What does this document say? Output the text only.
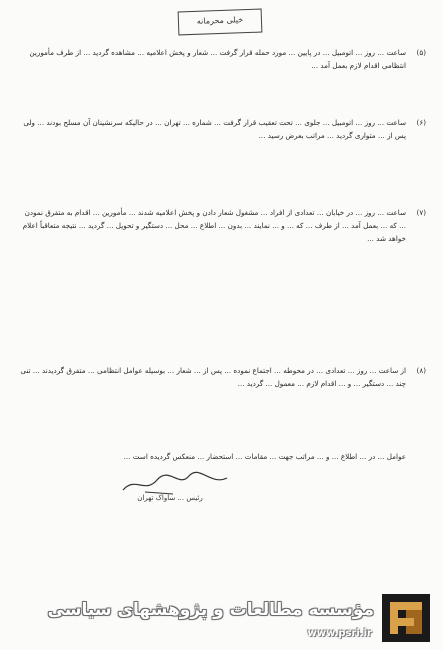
خیلی محرمانه
(۵)
ساعت ... روز ... اتومبیل ... در پایین ... مورد حمله قرار گرفت ... شعار و پخش اعلامیه ... مشاهده گردید ... از طرف مأمورین انتظامی اقدام لازم بعمل آمد ...
(۶)
ساعت ... روز ... اتومبیل ... جلوی ... تحت تعقیب قرار گرفت ... شماره ... تهران ... در حالیکه سرنشینان آن مسلح بودند ... ولی پس از ... متواری گردید ... مراتب بعرض رسید ...
(۷)
ساعت ... روز ... در خیابان ... تعدادی از افراد ... مشغول شعار دادن و پخش اعلامیه شدند ... مأمورین ... اقدام به متفرق نمودن ... که ... بعمل آمد ... از طرف ... که ... و ... نمایند ... بدون ... اطلاع ... محل ... دستگیر و تحویل ... گردید ... نتیجه متعاقباً اعلام خواهد شد ...
(۸)
از ساعت ... روز ... تعدادی ... در محوطه ... اجتماع نموده ... پس از ... شعار ... بوسیله عوامل انتظامی ... متفرق گردیدند ... تنی چند ... دستگیر ... و ... اقدام لازم ... معمول ... گردید ...
عوامل ... در ... اطلاع ... و ... مراتب جهت ... مقامات ... استحضار ... منعکس گردیده است ...
رئیس ... ساواک تهران
مؤسسه مطالعات و پژوهشهای سیاسی
www.psri.ir
